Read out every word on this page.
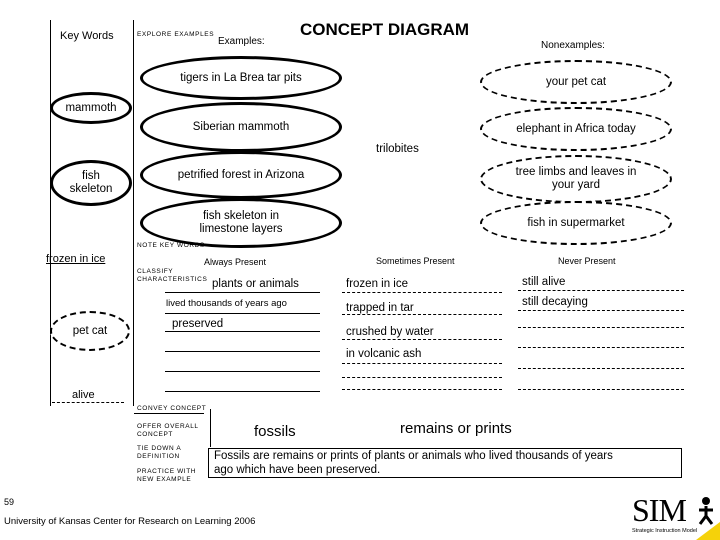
Key Words	EXPLORE EXAMPLES
Examples:
CONCEPT DIAGRAM
Nonexamples:
tigers in La Brea tar pits
Siberian mammoth
petrified forest in Arizona
fish skeleton in limestone layers
your pet cat
elephant in Africa today
tree limbs and leaves in your yard
fish in supermarket
mammoth
fish skeleton
frozen in ice
pet cat
alive
trilobites
NOTE KEY WORDS
CLASSIFY CHARACTERISTICS
Always Present	Sometimes Present	Never Present
plants or animals
lived thousands of years ago
preserved
frozen in ice
trapped in tar
crushed by water
in volcanic ash
still alive
still decaying
CONVEY CONCEPT
OFFER OVERALL CONCEPT
TIE DOWN A DEFINITION
PRACTICE WITH NEW EXAMPLE
fossils	remains or prints
Fossils are remains or prints of plants or animals who lived thousands of years ago which have been preserved.
59
University of Kansas Center for Research on Learning 2006	SIM
Strategic Instruction Model
